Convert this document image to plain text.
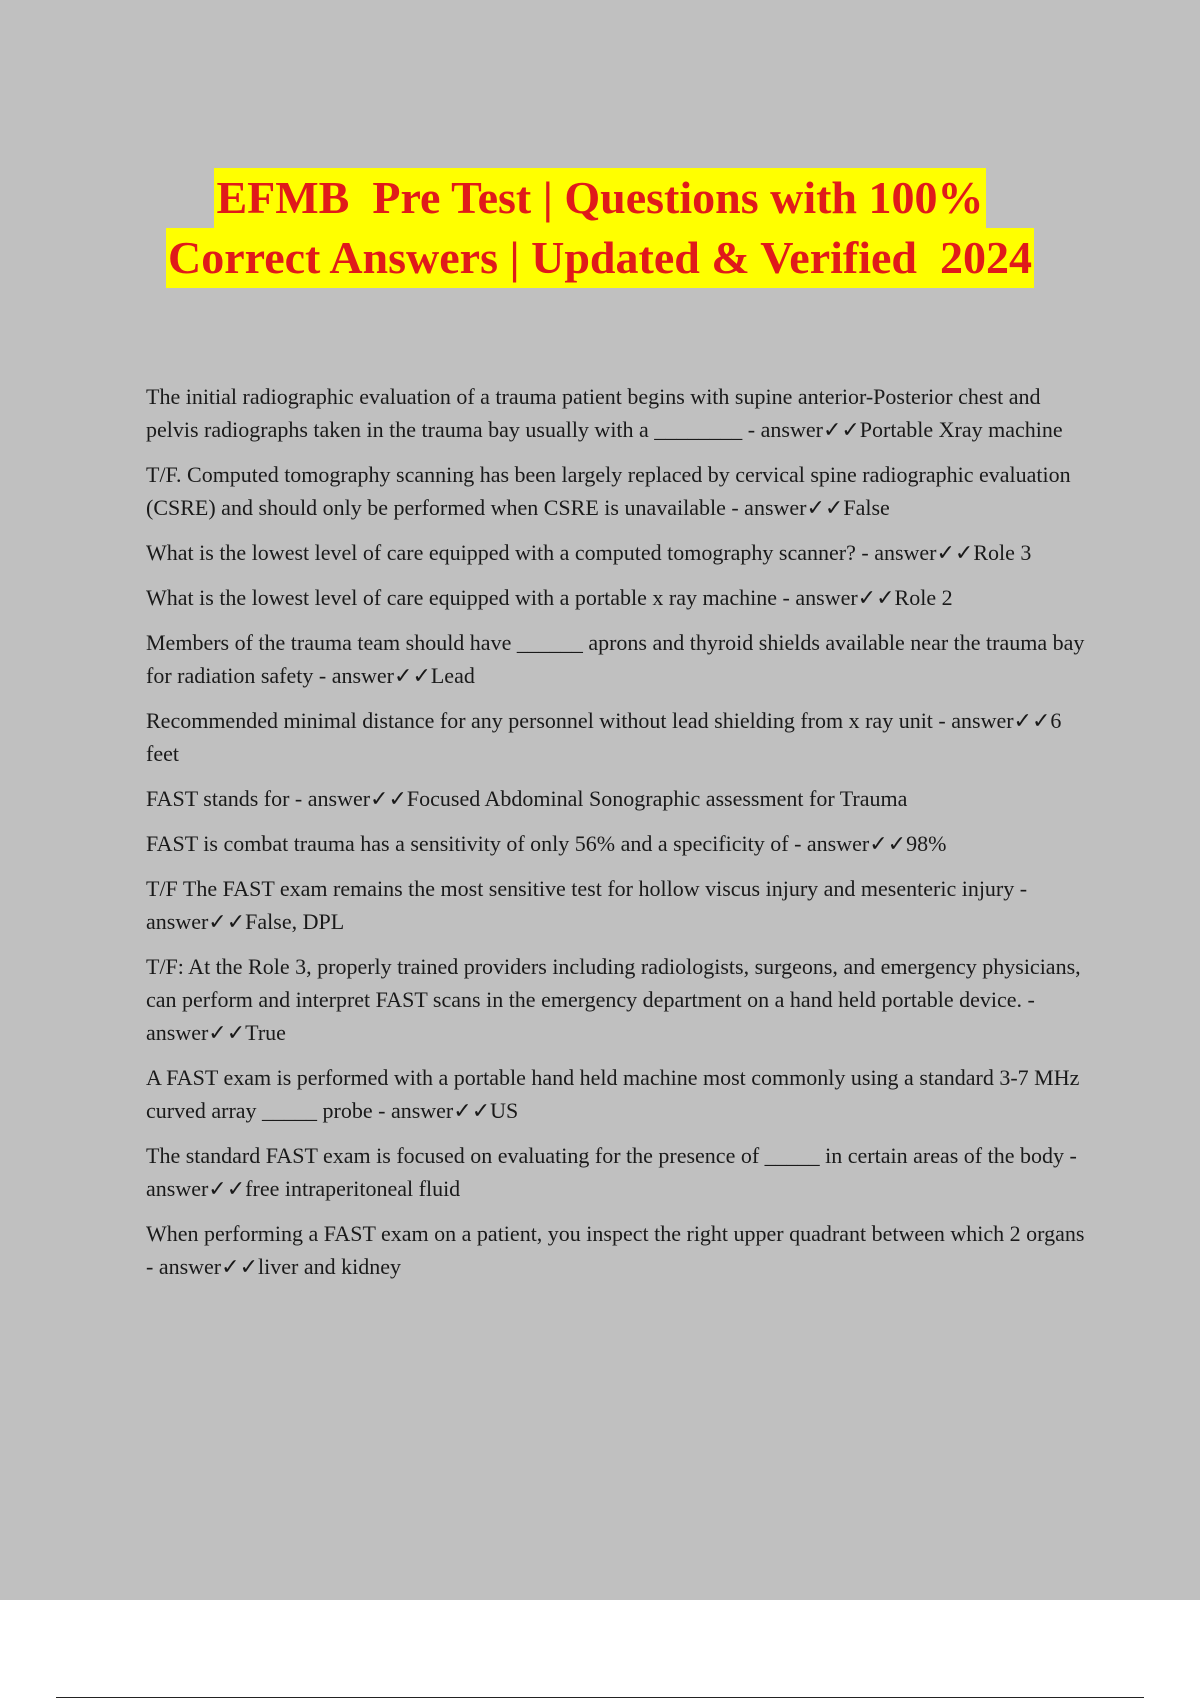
EFMB  Pre Test | Questions with 100%
Correct Answers | Updated & Verified  2024

The initial radiographic evaluation of a trauma patient begins with supine anterior-Posterior chest and pelvis radiographs taken in the trauma bay usually with a ________ - answer✓✓Portable Xray machine

T/F. Computed tomography scanning has been largely replaced by cervical spine radiographic evaluation (CSRE) and should only be performed when CSRE is unavailable - answer✓✓False

What is the lowest level of care equipped with a computed tomography scanner? - answer✓✓Role 3

What is the lowest level of care equipped with a portable x ray machine - answer✓✓Role 2

Members of the trauma team should have ______ aprons and thyroid shields available near the trauma bay for radiation safety - answer✓✓Lead

Recommended minimal distance for any personnel without lead shielding from x ray unit - answer✓✓6 feet

FAST stands for - answer✓✓Focused Abdominal Sonographic assessment for Trauma

FAST is combat trauma has a sensitivity of only 56% and a specificity of - answer✓✓98%

T/F The FAST exam remains the most sensitive test for hollow viscus injury and mesenteric injury - answer✓✓False, DPL

T/F: At the Role 3, properly trained providers including radiologists, surgeons, and emergency physicians, can perform and interpret FAST scans in the emergency department on a hand held portable device. - answer✓✓True

A FAST exam is performed with a portable hand held machine most commonly using a standard 3-7 MHz curved array _____ probe - answer✓✓US

The standard FAST exam is focused on evaluating for the presence of _____ in certain areas of the body - answer✓✓free intraperitoneal fluid

When performing a FAST exam on a patient, you inspect the right upper quadrant between which 2 organs - answer✓✓liver and kidney
